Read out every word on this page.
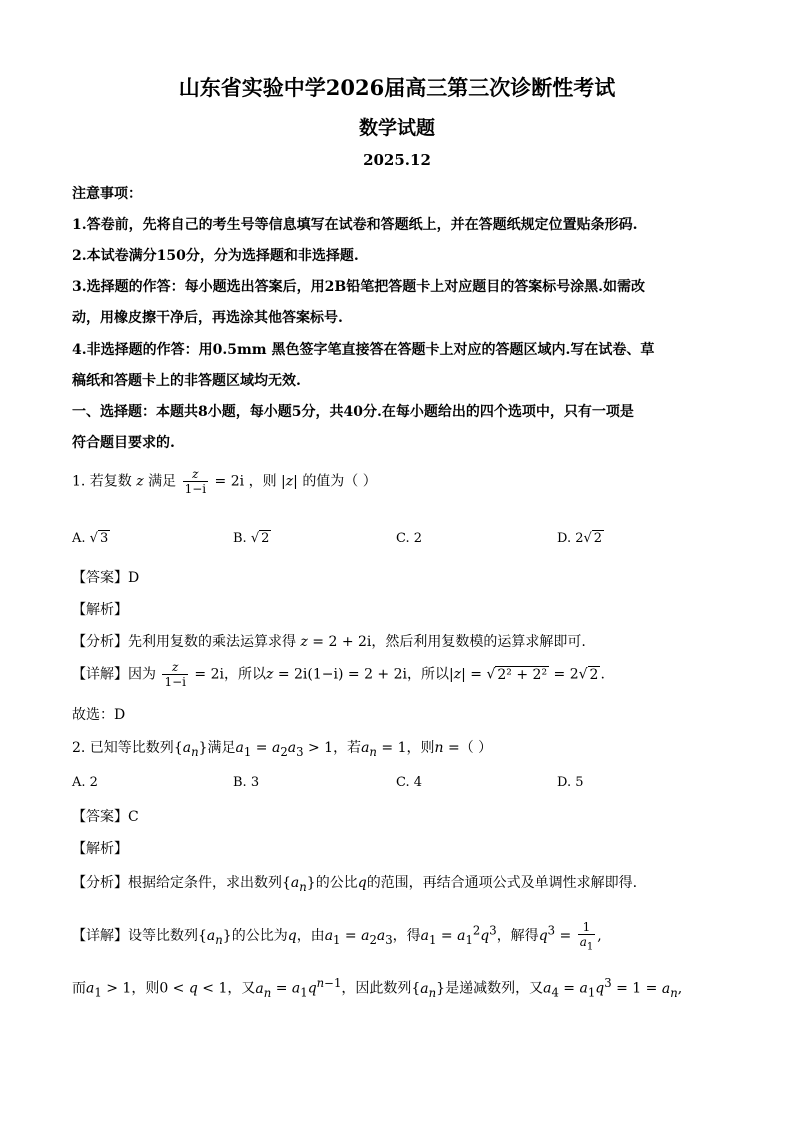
山东省实验中学2026届高三第三次诊断性考试
数学试题
2025.12
注意事项：
1.答卷前，先将自己的考生号等信息填写在试卷和答题纸上，并在答题纸规定位置贴条形码.
2.本试卷满分150分，分为选择题和非选择题.
3.选择题的作答：每小题选出答案后，用2B铅笔把答题卡上对应题目的答案标号涂黑.如需改
动，用橡皮擦干净后，再选涂其他答案标号.
4.非选择题的作答：用0.5mm 黑色签字笔直接答在答题卡上对应的答题区域内.写在试卷、草
稿纸和答题卡上的非答题区域均无效.
一、选择题：本题共8小题，每小题5分，共40分.在每小题给出的四个选项中，只有一项是
符合题目要求的.
1. 若复数 z 满足 $\frac{z}{1-i} = 2i$ ，则 |z| 的值为（ ）
A. √ 3	B. √ 2	C. 2	D. 2√ 2
【答案】D
【解析】
【分析】先利用复数的乘法运算求得 z = 2 + 2i，然后利用复数模的运算求解即可.
【详解】因为 $\frac{z}{1-i} = 2i$，所以z = 2i(1−i) = 2 + 2i，所以|z| = √ 2² + 2² = 2√ 2 .
故选：D
2. 已知等比数列$\{a_n\}$满足$a_1 = a_2a_3 > 1$，若$a_n = 1$，则n =（ ）
A. 2	B. 3	C. 4	D. 5
【答案】C
【解析】
【分析】根据给定条件，求出数列$\{a_n\}$的公比q的范围，再结合通项公式及单调性求解即得.
【详解】设等比数列$\{a_n\}$的公比为q，由$a_1 = a_2a_3$，得$a_1 = a_1^2q^3$，解得$q^3 = \frac{1}{a_1}$ ,
而$a_1 > 1$，则0 < q < 1，又$a_n = a_1q^{n-1}$，因此数列$\{a_n\}$是递减数列，又$a_4 = a_1q^3 = 1 = a_n$,
